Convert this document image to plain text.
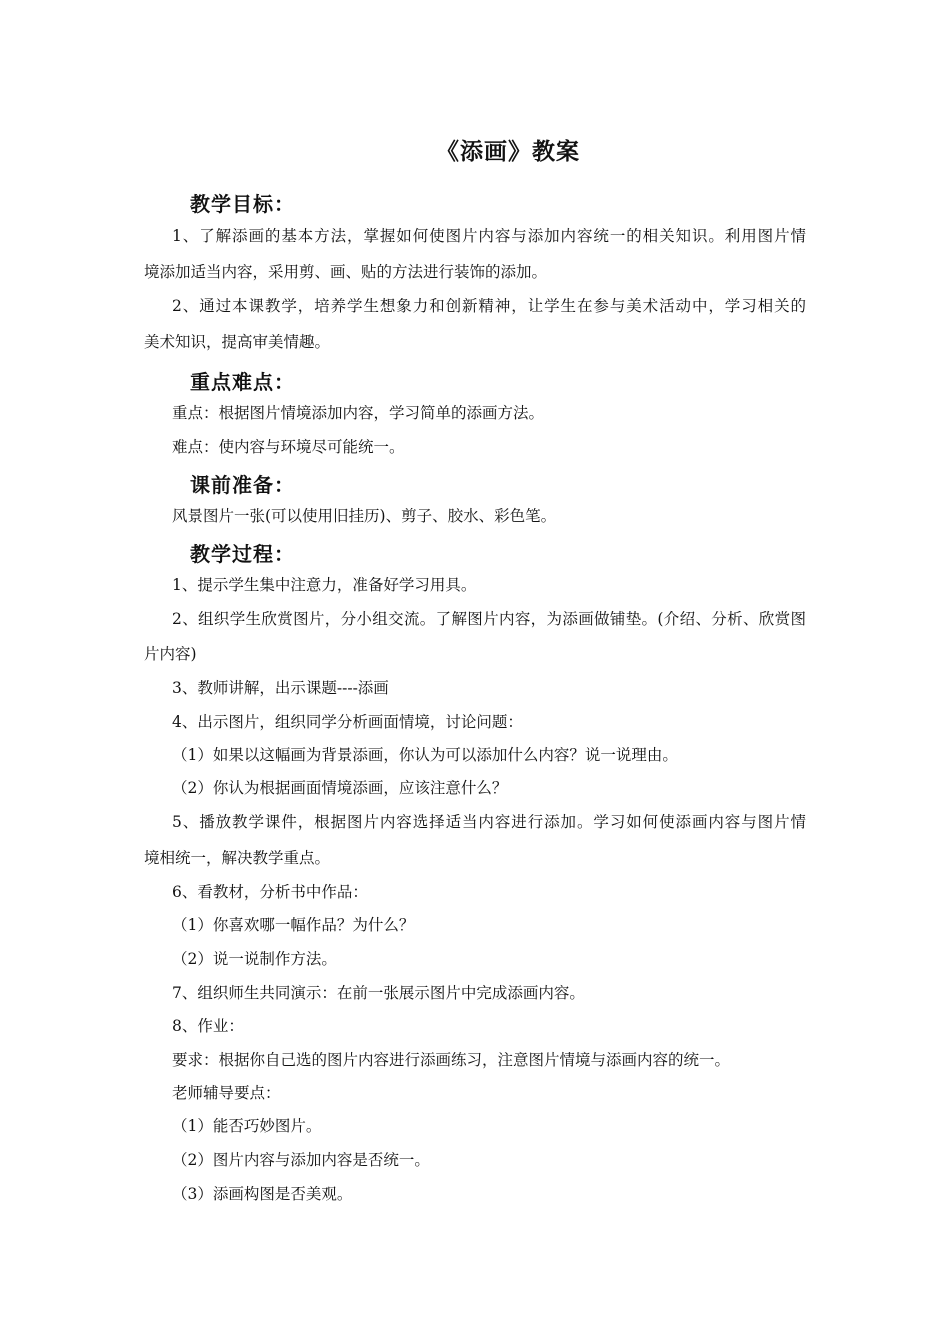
《添画》教案
教学目标：
1、了解添画的基本方法，掌握如何使图片内容与添加内容统一的相关知识。利用图片情
境添加适当内容，采用剪、画、贴的方法进行装饰的添加。
2、通过本课教学，培养学生想象力和创新精神，让学生在参与美术活动中，学习相关的
美术知识，提高审美情趣。
重点难点：
重点：根据图片情境添加内容，学习简单的添画方法。
难点：使内容与环境尽可能统一。
课前准备：
风景图片一张(可以使用旧挂历)、剪子、胶水、彩色笔。
教学过程：
1、提示学生集中注意力，准备好学习用具。
2、组织学生欣赏图片，分小组交流。了解图片内容，为添画做铺垫。(介绍、分析、欣赏图
片内容)
3、教师讲解，出示课题----添画
4、出示图片，组织同学分析画面情境，讨论问题：
（1）如果以这幅画为背景添画，你认为可以添加什么内容？说一说理由。
（2）你认为根据画面情境添画，应该注意什么？
5、播放教学课件，根据图片内容选择适当内容进行添加。学习如何使添画内容与图片情
境相统一，解决教学重点。
6、看教材，分析书中作品：
（1）你喜欢哪一幅作品？为什么？
（2）说一说制作方法。
7、组织师生共同演示：在前一张展示图片中完成添画内容。
8、作业：
要求：根据你自己选的图片内容进行添画练习，注意图片情境与添画内容的统一。
老师辅导要点：
（1）能否巧妙图片。
（2）图片内容与添加内容是否统一。
（3）添画构图是否美观。
